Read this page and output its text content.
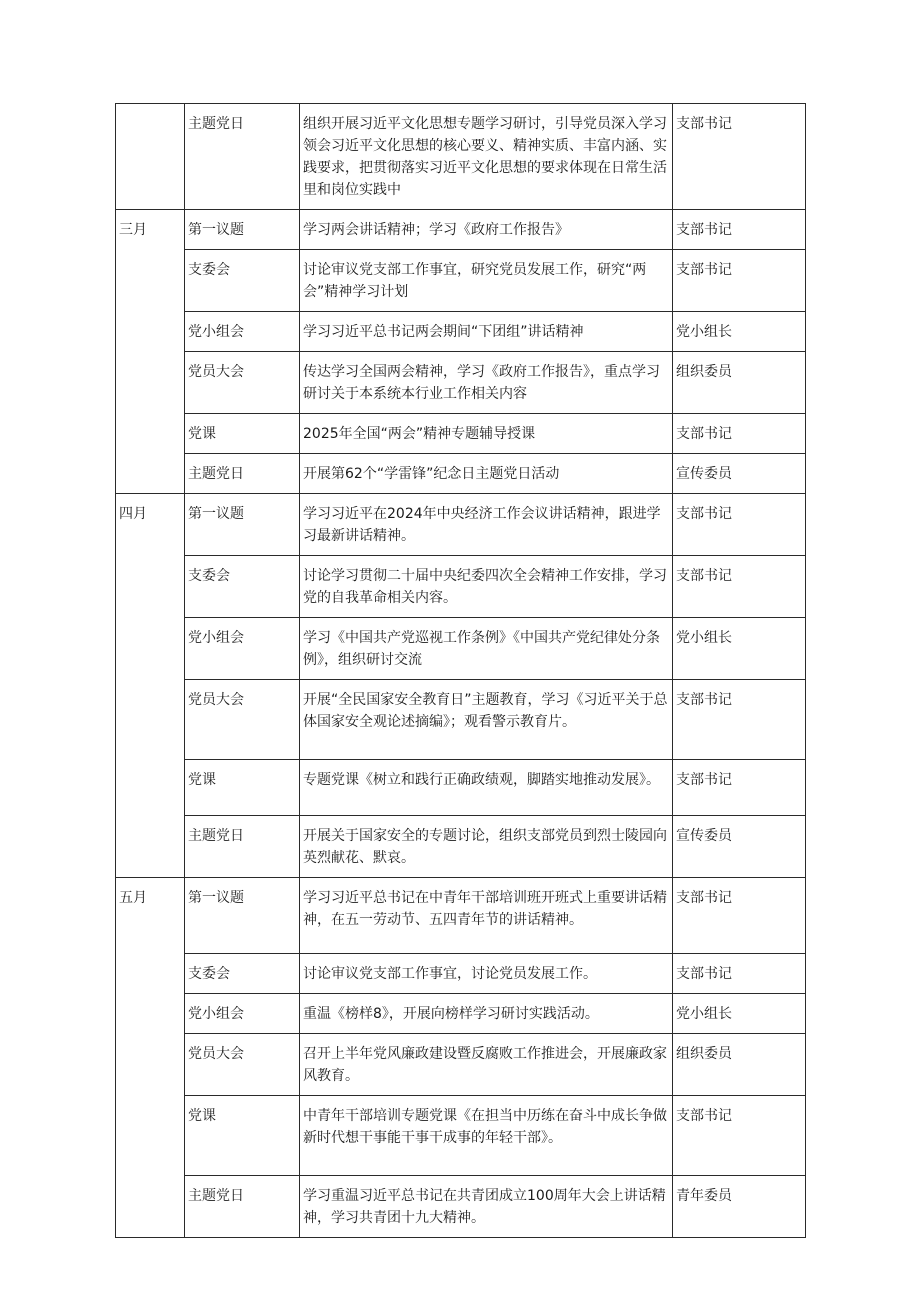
	主题党日	组织开展习近平文化思想专题学习研讨，引导党员深入学习领会习近平文化思想的核心要义、精神实质、丰富内涵、实践要求，把贯彻落实习近平文化思想的要求体现在日常生活里和岗位实践中	支部书记
三月	第一议题	学习两会讲话精神；学习《政府工作报告》	支部书记
	支委会	讨论审议党支部工作事宜，研究党员发展工作，研究“两会”精神学习计划	支部书记
	党小组会	学习习近平总书记两会期间“下团组”讲话精神	党小组长
	党员大会	传达学习全国两会精神，学习《政府工作报告》，重点学习研讨关于本系统本行业工作相关内容	组织委员
	党课	2025年全国“两会”精神专题辅导授课	支部书记
	主题党日	开展第62个“学雷锋”纪念日主题党日活动	宣传委员
四月	第一议题	学习习近平在2024年中央经济工作会议讲话精神，跟进学习最新讲话精神。	支部书记
	支委会	讨论学习贯彻二十届中央纪委四次全会精神工作安排，学习党的自我革命相关内容。	支部书记
	党小组会	学习《中国共产党巡视工作条例》《中国共产党纪律处分条例》，组织研讨交流	党小组长
	党员大会	开展“全民国家安全教育日”主题教育，学习《习近平关于总体国家安全观论述摘编》；观看警示教育片。	支部书记
	党课	专题党课《树立和践行正确政绩观，脚踏实地推动发展》。	支部书记
	主题党日	开展关于国家安全的专题讨论，组织支部党员到烈士陵园向英烈献花、默哀。	宣传委员
五月	第一议题	学习习近平总书记在中青年干部培训班开班式上重要讲话精神，在五一劳动节、五四青年节的讲话精神。	支部书记
	支委会	讨论审议党支部工作事宜，讨论党员发展工作。	支部书记
	党小组会	重温《榜样8》，开展向榜样学习研讨实践活动。	党小组长
	党员大会	召开上半年党风廉政建设暨反腐败工作推进会，开展廉政家风教育。	组织委员
	党课	中青年干部培训专题党课《在担当中历练在奋斗中成长争做新时代想干事能干事干成事的年轻干部》。	支部书记
	主题党日	学习重温习近平总书记在共青团成立100周年大会上讲话精神，学习共青团十九大精神。	青年委员
